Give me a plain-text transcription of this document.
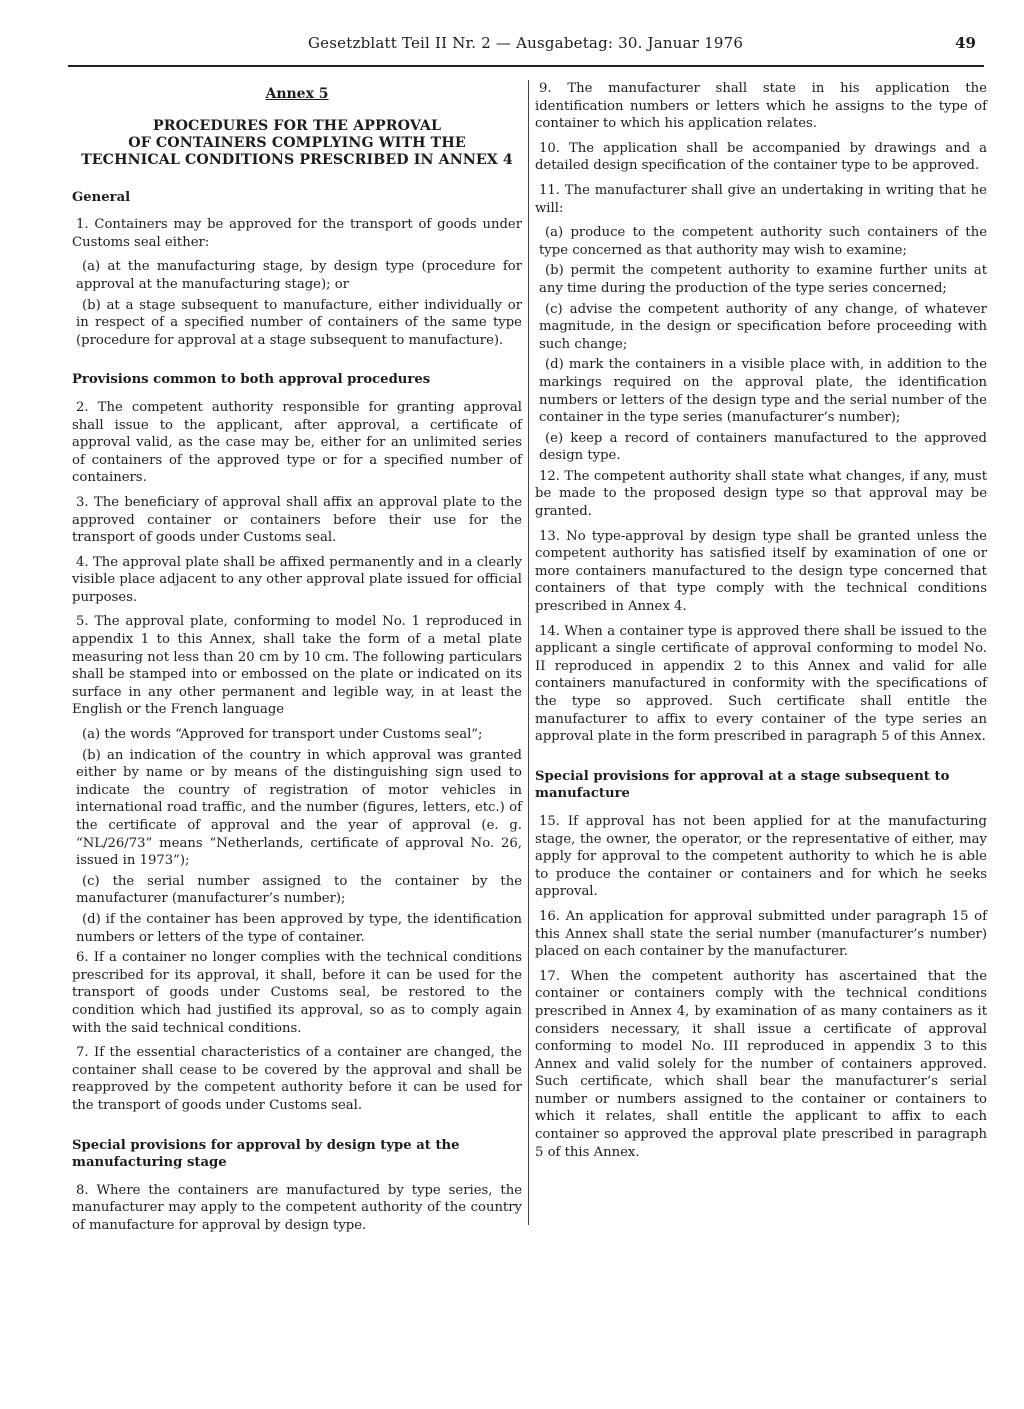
Gesetzblatt Teil II Nr. 2 — Ausgabetag: 30. Januar 1976	49
Annex 5
PROCEDURES FOR THE APPROVAL
OF CONTAINERS COMPLYING WITH THE
TECHNICAL CONDITIONS PRESCRIBED IN ANNEX 4
General

1. Containers may be approved for the transport of goods under Customs seal either:

(a) at the manufacturing stage, by design type (procedure for approval at the manufacturing stage); or

(b) at a stage subsequent to manufacture, either individually or in respect of a specified number of containers of the same type (procedure for approval at a stage subsequent to manufacture).

Provisions common to both approval procedures

2. The competent authority responsible for granting approval shall issue to the applicant, after approval, a certificate of approval valid, as the case may be, either for an unlimited series of containers of the approved type or for a specified number of containers.

3. The beneficiary of approval shall affix an approval plate to the approved container or containers before their use for the transport of goods under Customs seal.

4. The approval plate shall be affixed permanently and in a clearly visible place adjacent to any other approval plate issued for official purposes.

5. The approval plate, conforming to model No. 1 reproduced in appendix 1 to this Annex, shall take the form of a metal plate measuring not less than 20 cm by 10 cm. The following particulars shall be stamped into or embossed on the plate or indicated on its surface in any other permanent and legible way, in at least the English or the French language

(a) the words “Approved for transport under Customs seal”;

(b) an indication of the country in which approval was granted either by name or by means of the distinguishing sign used to indicate the country of registration of motor vehicles in international road traffic, and the number (figures, letters, etc.) of the certificate of approval and the year of approval (e. g. “NL/26/73” means “Netherlands, certificate of approval No. 26, issued in 1973”);

(c) the serial number assigned to the container by the manufacturer (manufacturer’s number);

(d) if the container has been approved by type, the identification numbers or letters of the type of container.

6. If a container no longer complies with the technical conditions prescribed for its approval, it shall, before it can be used for the transport of goods under Customs seal, be restored to the condition which had justified its approval, so as to comply again with the said technical conditions.

7. If the essential characteristics of a container are changed, the container shall cease to be covered by the approval and shall be reapproved by the competent authority before it can be used for the transport of goods under Customs seal.

Special provisions for approval by design type at the manufacturing stage

8. Where the containers are manufactured by type series, the manufacturer may apply to the competent authority of the country of manufacture for approval by design type.

9. The manufacturer shall state in his application the identification numbers or letters which he assigns to the type of container to which his application relates.

10. The application shall be accompanied by drawings and a detailed design specification of the container type to be approved.

11. The manufacturer shall give an undertaking in writing that he will:

(a) produce to the competent authority such containers of the type concerned as that authority may wish to examine;

(b) permit the competent authority to examine further units at any time during the production of the type series concerned;

(c) advise the competent authority of any change, of whatever magnitude, in the design or specification before proceeding with such change;

(d) mark the containers in a visible place with, in addition to the markings required on the approval plate, the identification numbers or letters of the design type and the serial number of the container in the type series (manufacturer’s number);

(e) keep a record of containers manufactured to the approved design type.

12. The competent authority shall state what changes, if any, must be made to the proposed design type so that approval may be granted.

13. No type-approval by design type shall be granted unless the competent authority has satisfied itself by examination of one or more containers manufactured to the design type concerned that containers of that type comply with the technical conditions prescribed in Annex 4.

14. When a container type is approved there shall be issued to the applicant a single certificate of approval conforming to model No. II reproduced in appendix 2 to this Annex and valid for alle containers manufactured in conformity with the specifications of the type so approved. Such certificate shall entitle the manufacturer to affix to every container of the type series an approval plate in the form prescribed in paragraph 5 of this Annex.

Special provisions for approval at a stage subsequent to manufacture

15. If approval has not been applied for at the manufacturing stage, the owner, the operator, or the representative of either, may apply for approval to the competent authority to which he is able to produce the container or containers and for which he seeks approval.

16. An application for approval submitted under paragraph 15 of this Annex shall state the serial number (manufacturer’s number) placed on each container by the manufacturer.

17. When the competent authority has ascertained that the container or containers comply with the technical conditions prescribed in Annex 4, by examination of as many containers as it considers necessary, it shall issue a certificate of approval conforming to model No. III reproduced in appendix 3 to this Annex and valid solely for the number of containers approved. Such certificate, which shall bear the manufacturer’s serial number or numbers assigned to the container or containers to which it relates, shall entitle the applicant to affix to each container so approved the approval plate prescribed in paragraph 5 of this Annex.
